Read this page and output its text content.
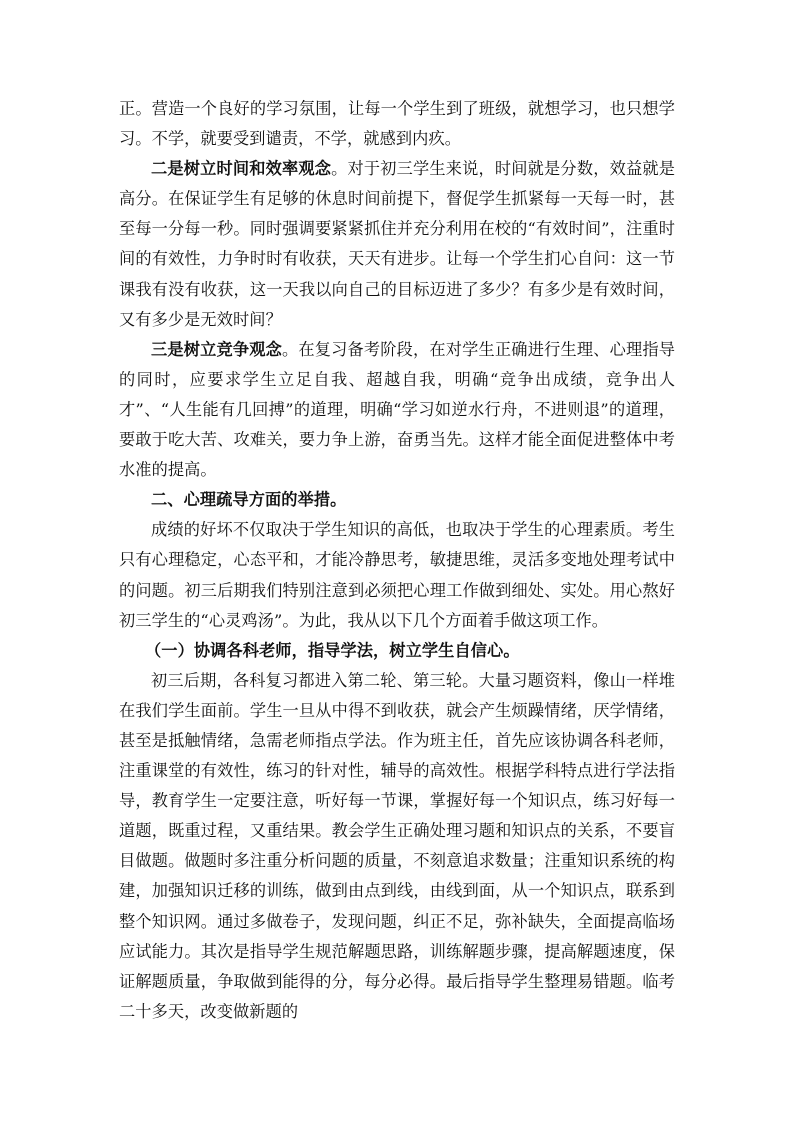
正。营造一个良好的学习氛围，让每一个学生到了班级，就想学习，也只想学习。不学，就要受到谴责，不学，就感到内疚。

二是树立时间和效率观念。对于初三学生来说，时间就是分数，效益就是高分。在保证学生有足够的休息时间前提下，督促学生抓紧每一天每一时，甚至每一分每一秒。同时强调要紧紧抓住并充分利用在校的“有效时间”，注重时间的有效性，力争时时有收获，天天有进步。让每一个学生扪心自问：这一节课我有没有收获，这一天我以向自己的目标迈进了多少？有多少是有效时间，又有多少是无效时间？

三是树立竞争观念。在复习备考阶段，在对学生正确进行生理、心理指导的同时，应要求学生立足自我、超越自我，明确“竞争出成绩，竞争出人才”、“人生能有几回搏”的道理，明确“学习如逆水行舟，不进则退”的道理，要敢于吃大苦、攻难关，要力争上游，奋勇当先。这样才能全面促进整体中考水准的提高。

二、心理疏导方面的举措。

成绩的好坏不仅取决于学生知识的高低，也取决于学生的心理素质。考生只有心理稳定，心态平和，才能冷静思考，敏捷思维，灵活多变地处理考试中的问题。初三后期我们特别注意到必须把心理工作做到细处、实处。用心熬好初三学生的“心灵鸡汤”。为此，我从以下几个方面着手做这项工作。

（一）协调各科老师，指导学法，树立学生自信心。

初三后期，各科复习都进入第二轮、第三轮。大量习题资料，像山一样堆在我们学生面前。学生一旦从中得不到收获，就会产生烦躁情绪，厌学情绪，甚至是抵触情绪，急需老师指点学法。作为班主任，首先应该协调各科老师，注重课堂的有效性，练习的针对性，辅导的高效性。根据学科特点进行学法指导，教育学生一定要注意，听好每一节课，掌握好每一个知识点，练习好每一道题，既重过程，又重结果。教会学生正确处理习题和知识点的关系，不要盲目做题。做题时多注重分析问题的质量，不刻意追求数量；注重知识系统的构建，加强知识迁移的训练，做到由点到线，由线到面，从一个知识点，联系到整个知识网。通过多做卷子，发现问题，纠正不足，弥补缺失，全面提高临场应试能力。其次是指导学生规范解题思路，训练解题步骤，提高解题速度，保证解题质量，争取做到能得的分，每分必得。最后指导学生整理易错题。临考二十多天，改变做新题的
